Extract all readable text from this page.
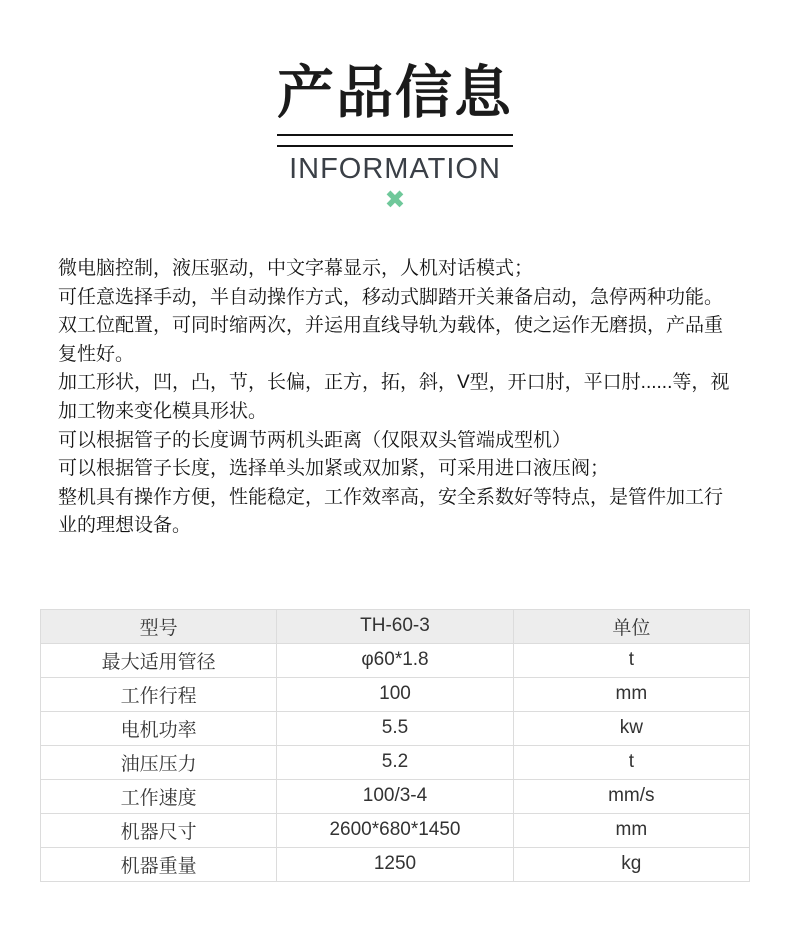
产品信息
INFORMATION
✖

微电脑控制，液压驱动，中文字幕显示，人机对话模式；

可任意选择手动，半自动操作方式，移动式脚踏开关兼备启动，急停两种功能。

双工位配置，可同时缩两次，并运用直线导轨为载体，使之运作无磨损，产品重复性好。

加工形状，凹，凸，节，长偏，正方，拓，斜，V型，开口肘，平口肘......等，视加工物来变化模具形状。

可以根据管子的长度调节两机头距离（仅限双头管端成型机）

可以根据管子长度，选择单头加紧或双加紧，可采用进口液压阀；

整机具有操作方便，性能稳定，工作效率高，安全系数好等特点，是管件加工行业的理想设备。

型号	TH-60-3	单位
最大适用管径	φ60*1.8	t
工作行程	100	mm
电机功率	5.5	kw
油压压力	5.2	t
工作速度	100/3-4	mm/s
机器尺寸	2600*680*1450	mm
机器重量	1250	kg
